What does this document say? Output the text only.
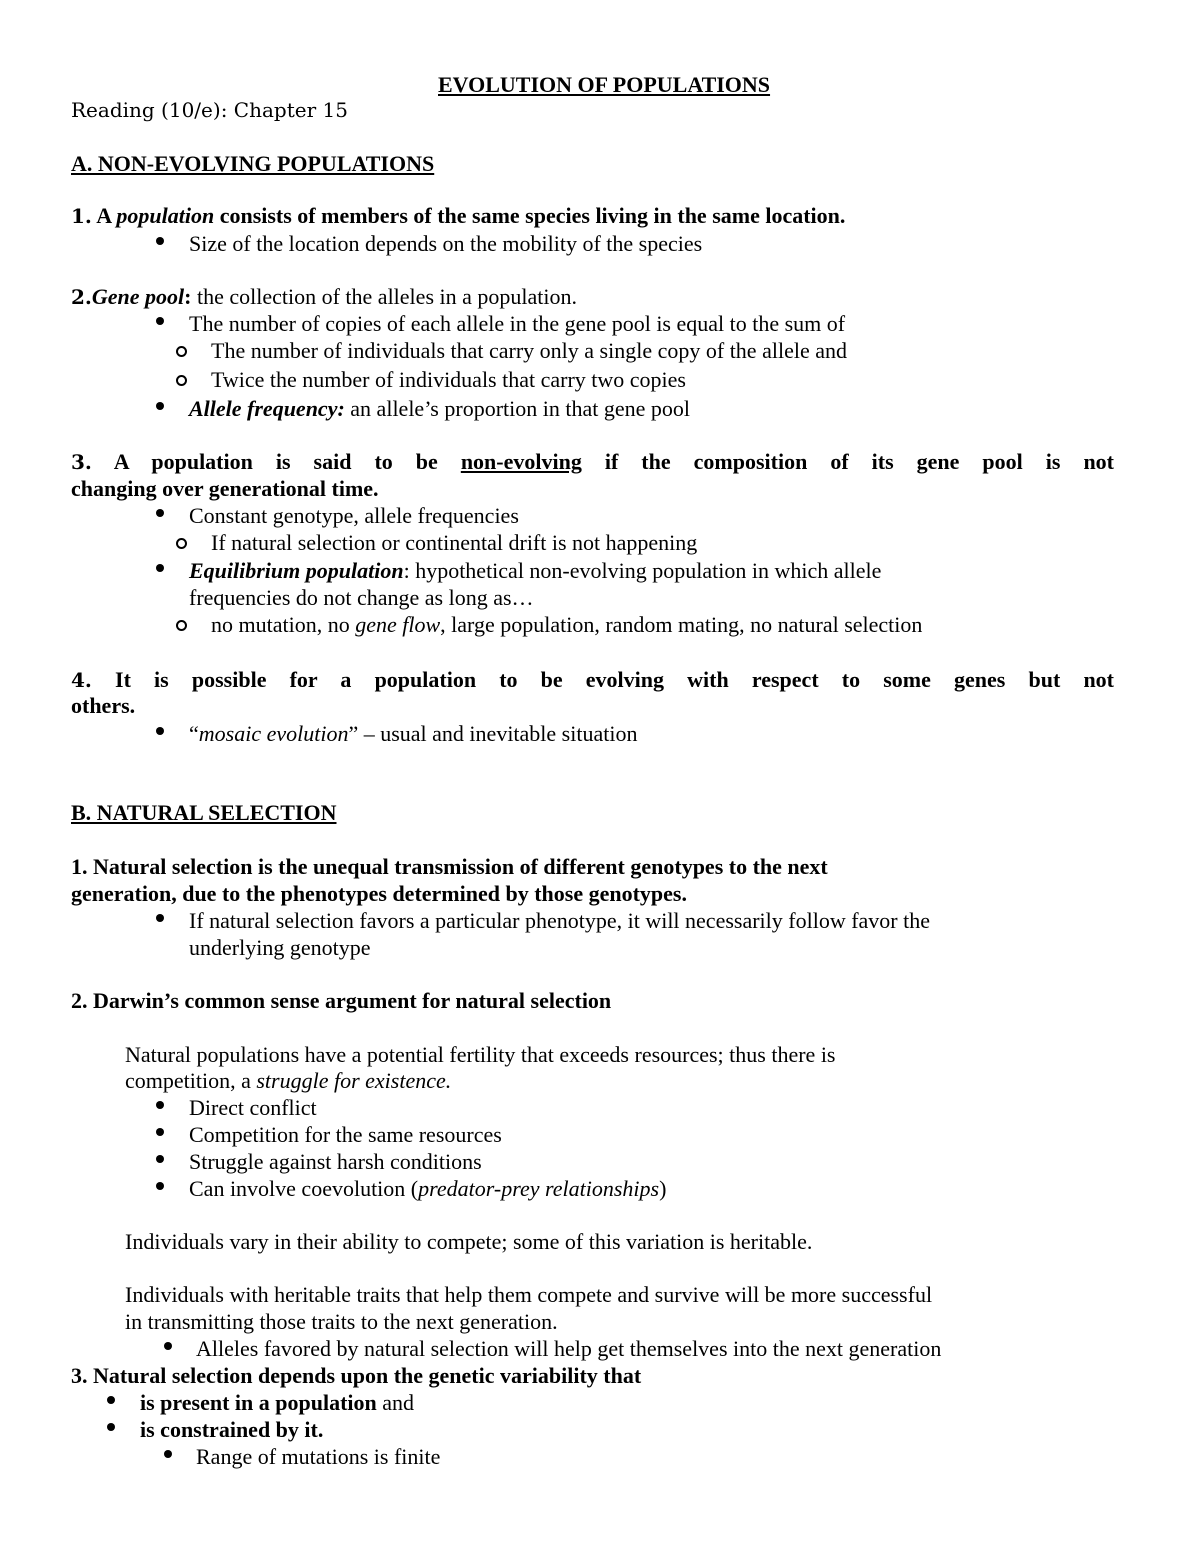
EVOLUTION OF POPULATIONS
Reading (10/e): Chapter 15
A. NON-EVOLVING POPULATIONS
1. A population consists of members of the same species living in the same location.
Size of the location depends on the mobility of the species
2.Gene pool: the collection of the alleles in a population.
The number of copies of each allele in the gene pool is equal to the sum of
The number of individuals that carry only a single copy of the allele and
Twice the number of individuals that carry two copies
Allele frequency: an allele’s proportion in that gene pool
3. A population is said to be non-evolving if the composition of its gene pool is not
changing over generational time.
Constant genotype, allele frequencies
If natural selection or continental drift is not happening
Equilibrium population: hypothetical non-evolving population in which allele
frequencies do not change as long as…
no mutation, no gene flow, large population, random mating, no natural selection
4. It is possible for a population to be evolving with respect to some genes but not
others.
“mosaic evolution” – usual and inevitable situation
B. NATURAL SELECTION
1. Natural selection is the unequal transmission of different genotypes to the next
generation, due to the phenotypes determined by those genotypes.
If natural selection favors a particular phenotype, it will necessarily follow favor the
underlying genotype
2. Darwin’s common sense argument for natural selection
Natural populations have a potential fertility that exceeds resources; thus there is
competition, a struggle for existence.
Direct conflict
Competition for the same resources
Struggle against harsh conditions
Can involve coevolution (predator-prey relationships)
Individuals vary in their ability to compete; some of this variation is heritable.
Individuals with heritable traits that help them compete and survive will be more successful
in transmitting those traits to the next generation.
Alleles favored by natural selection will help get themselves into the next generation
3. Natural selection depends upon the genetic variability that
is present in a population and
is constrained by it.
Range of mutations is finite
